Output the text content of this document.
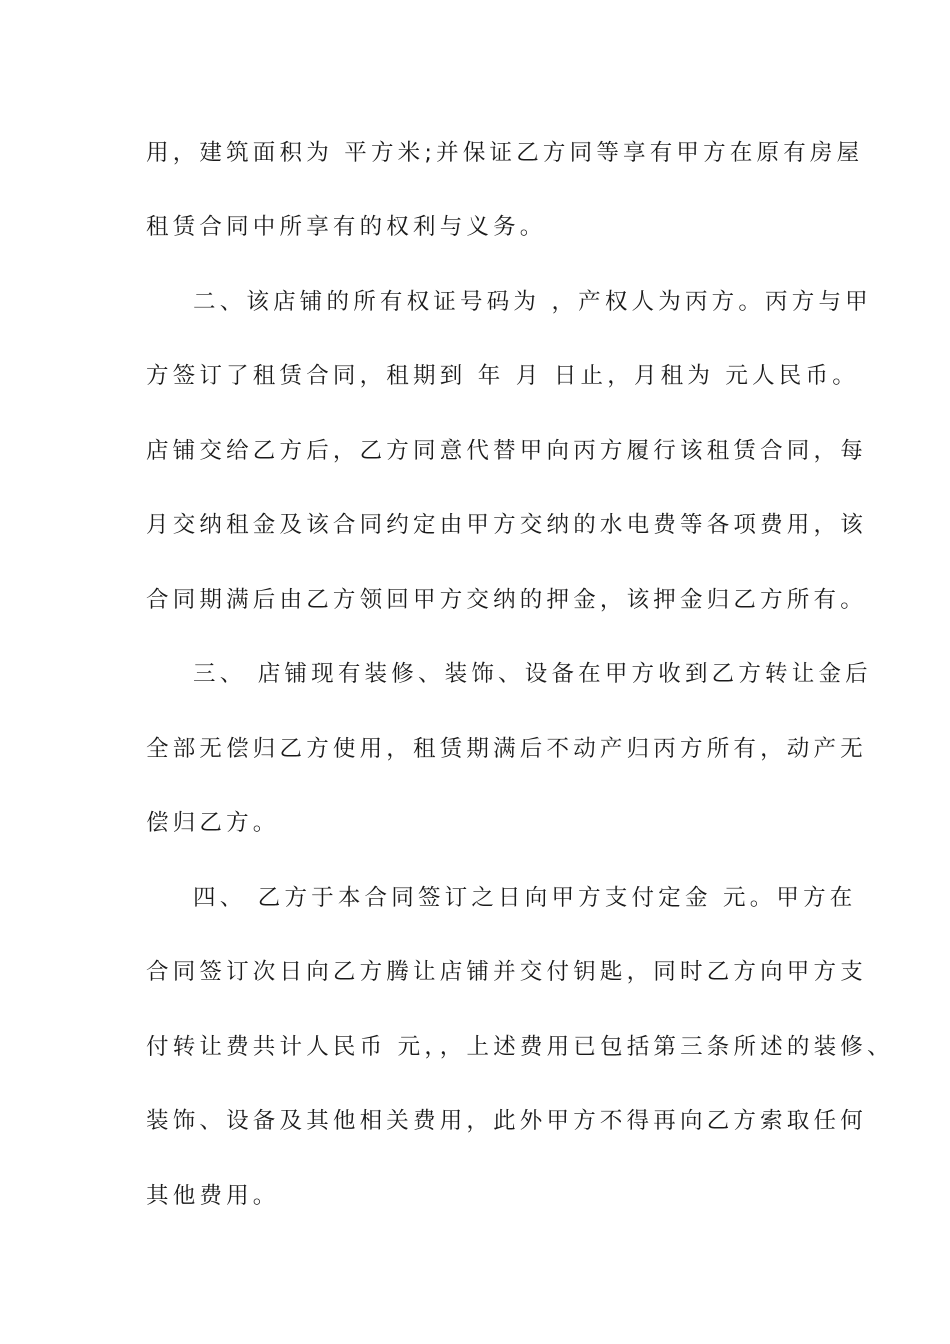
用，建筑面积为 平方米;并保证乙方同等享有甲方在原有房屋
租赁合同中所享有的权利与义务。
二、该店铺的所有权证号码为 ，产权人为丙方。丙方与甲
方签订了租赁合同，租期到 年 月 日止，月租为 元人民币。
店铺交给乙方后，乙方同意代替甲向丙方履行该租赁合同，每
月交纳租金及该合同约定由甲方交纳的水电费等各项费用，该
合同期满后由乙方领回甲方交纳的押金，该押金归乙方所有。
三、 店铺现有装修、装饰、设备在甲方收到乙方转让金后
全部无偿归乙方使用，租赁期满后不动产归丙方所有，动产无
偿归乙方。
四、 乙方于本合同签订之日向甲方支付定金 元。甲方在
合同签订次日向乙方腾让店铺并交付钥匙，同时乙方向甲方支
付转让费共计人民币 元，，上述费用已包括第三条所述的装修、
装饰、设备及其他相关费用，此外甲方不得再向乙方索取任何
其他费用。
